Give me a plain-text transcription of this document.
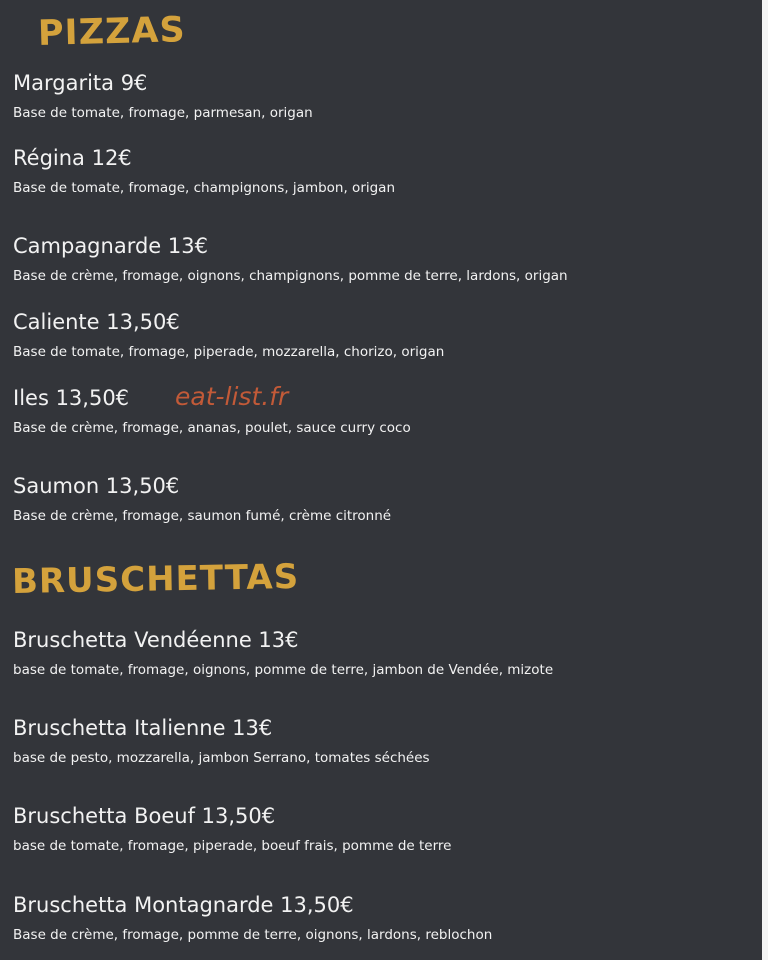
PIZZAS
Margarita 9€
Base de tomate, fromage, parmesan, origan
Régina 12€
Base de tomate, fromage, champignons, jambon, origan
Campagnarde 13€
Base de crème, fromage, oignons, champignons, pomme de terre, lardons, origan
Caliente 13,50€
Base de tomate, fromage, piperade, mozzarella, chorizo, origan
Iles 13,50€
Base de crème, fromage, ananas, poulet, sauce curry coco
Saumon 13,50€
Base de crème, fromage, saumon fumé, crème citronné
BRUSCHETTAS
Bruschetta Vendéenne 13€
base de tomate, fromage, oignons, pomme de terre, jambon de Vendée, mizote
Bruschetta Italienne 13€
base de pesto, mozzarella, jambon Serrano, tomates séchées
Bruschetta Boeuf 13,50€
base de tomate, fromage, piperade, boeuf frais, pomme de terre
Bruschetta Montagnarde 13,50€
Base de crème, fromage, pomme de terre, oignons, lardons, reblochon
eat-list.fr
